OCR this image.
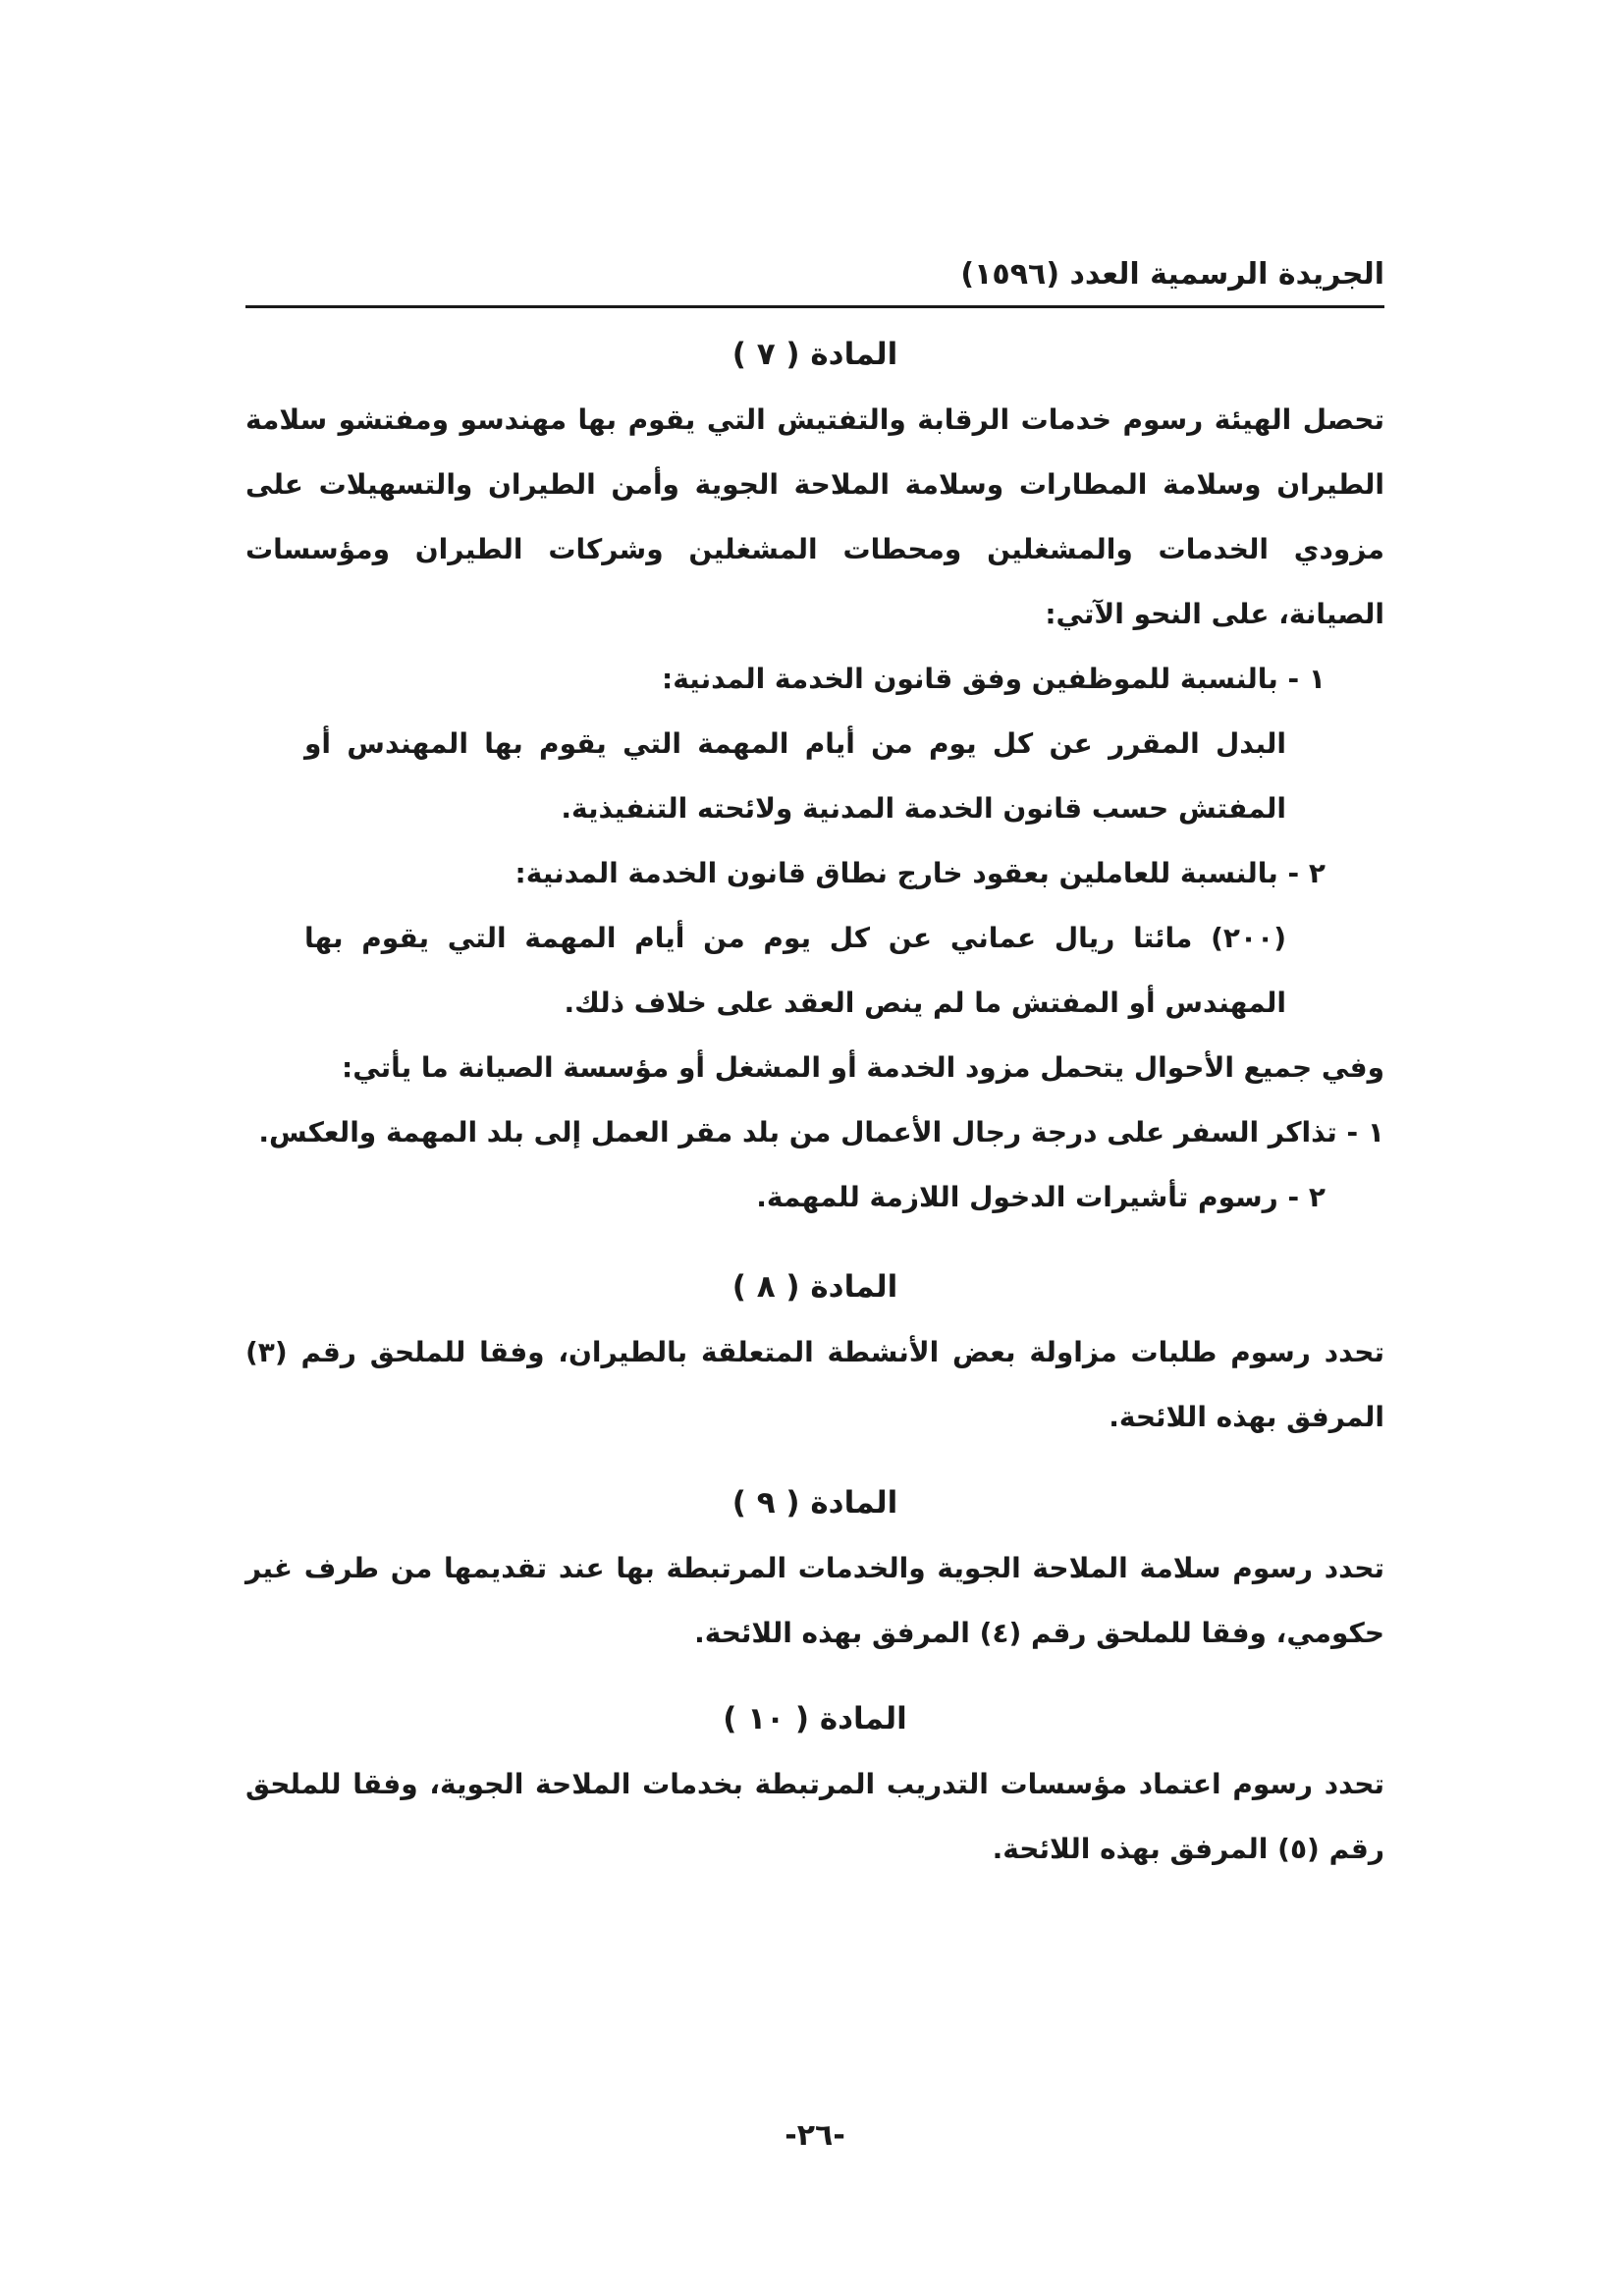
الجريدة الرسمية العدد (١٥٩٦)
المادة ( ٧ )

تحصل الهيئة رسوم خدمات الرقابة والتفتيش التي يقوم بها مهندسو ومفتشو سلامة الطيران وسلامة المطارات وسلامة الملاحة الجوية وأمن الطيران والتسهيلات على مزودي الخدمات والمشغلين ومحطات المشغلين وشركات الطيران ومؤسسات الصيانة، على النحو الآتي:

١ - بالنسبة للموظفين وفق قانون الخدمة المدنية:

البدل المقرر عن كل يوم من أيام المهمة التي يقوم بها المهندس أو المفتش حسب قانون الخدمة المدنية ولائحته التنفيذية.

٢ - بالنسبة للعاملين بعقود خارج نطاق قانون الخدمة المدنية:

(٢٠٠) مائتا ريال عماني عن كل يوم من أيام المهمة التي يقوم بها المهندس أو المفتش ما لم ينص العقد على خلاف ذلك.

وفي جميع الأحوال يتحمل مزود الخدمة أو المشغل أو مؤسسة الصيانة ما يأتي:

١ - تذاكر السفر على درجة رجال الأعمال من بلد مقر العمل إلى بلد المهمة والعكس.

٢ - رسوم تأشيرات الدخول اللازمة للمهمة.

المادة ( ٨ )

تحدد رسوم طلبات مزاولة بعض الأنشطة المتعلقة بالطيران، وفقا للملحق رقم (٣) المرفق بهذه اللائحة.

المادة ( ٩ )

تحدد رسوم سلامة الملاحة الجوية والخدمات المرتبطة بها عند تقديمها من طرف غير حكومي، وفقا للملحق رقم (٤) المرفق بهذه اللائحة.

المادة ( ١٠ )

تحدد رسوم اعتماد مؤسسات التدريب المرتبطة بخدمات الملاحة الجوية، وفقا للملحق رقم (٥) المرفق بهذه اللائحة.

-٢٦-
